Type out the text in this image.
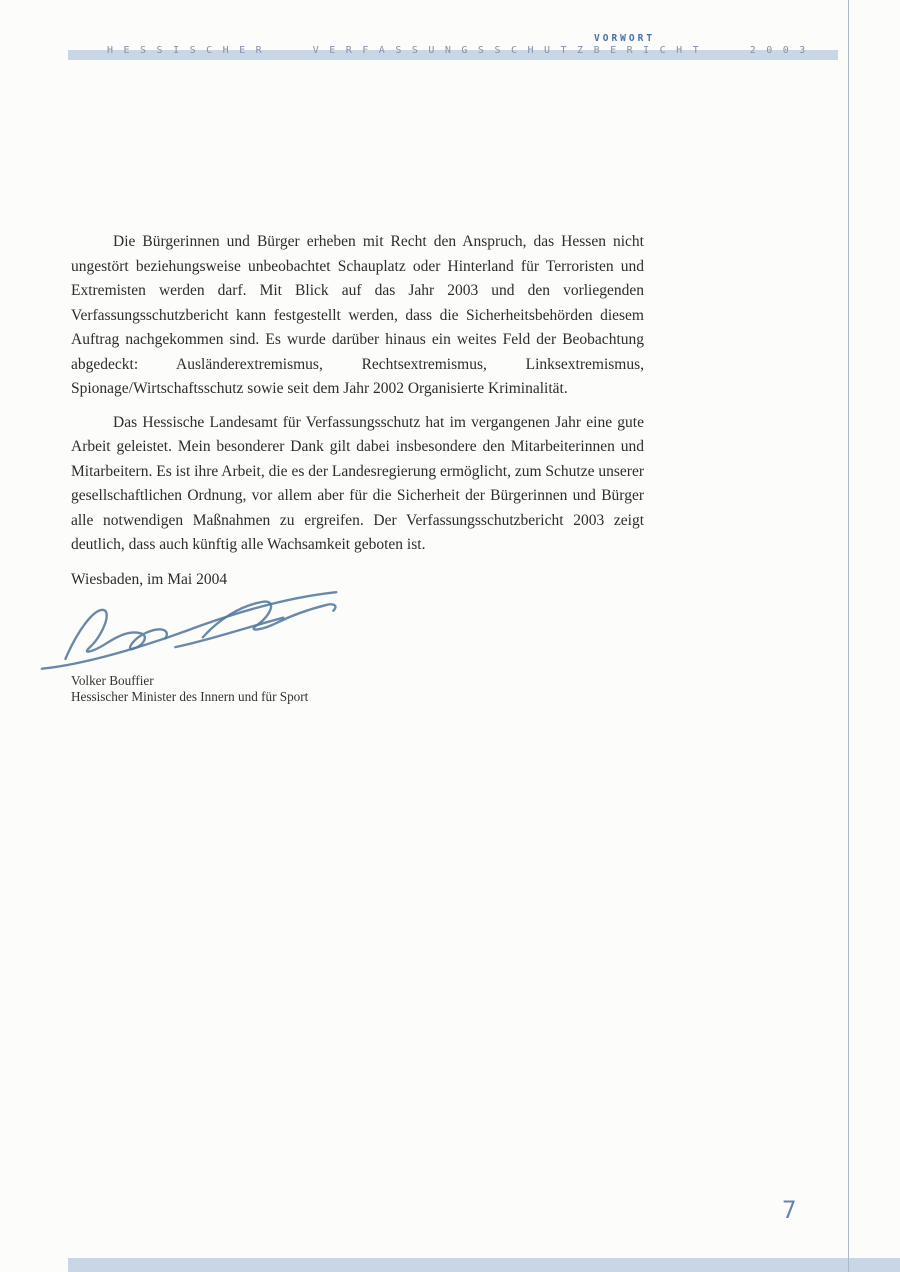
VORWORT
HESSISCHER VERFASSUNGSSCHUTZBERICHT 2003

Die Bürgerinnen und Bürger erheben mit Recht den Anspruch, das Hessen nicht ungestört beziehungsweise unbeobachtet Schauplatz oder Hinterland für Terroristen und Extremisten werden darf. Mit Blick auf das Jahr 2003 und den vorliegenden Verfassungsschutzbericht kann festgestellt werden, dass die Sicherheitsbehörden diesem Auftrag nachgekommen sind. Es wurde darüber hinaus ein weites Feld der Beobachtung abgedeckt: Ausländerextremismus, Rechtsextremismus, Linksextremismus, Spionage/Wirtschaftsschutz sowie seit dem Jahr 2002 Organisierte Kriminalität.

Das Hessische Landesamt für Verfassungsschutz hat im vergangenen Jahr eine gute Arbeit geleistet. Mein besonderer Dank gilt dabei insbesondere den Mitarbeiterinnen und Mitarbeitern. Es ist ihre Arbeit, die es der Landesregierung ermöglicht, zum Schutze unserer gesellschaftlichen Ordnung, vor allem aber für die Sicherheit der Bürgerinnen und Bürger alle notwendigen Maßnahmen zu ergreifen. Der Verfassungsschutzbericht 2003 zeigt deutlich, dass auch künftig alle Wachsamkeit geboten ist.

Wiesbaden, im Mai 2004

Volker Bouffier
Hessischer Minister des Innern und für Sport
7
